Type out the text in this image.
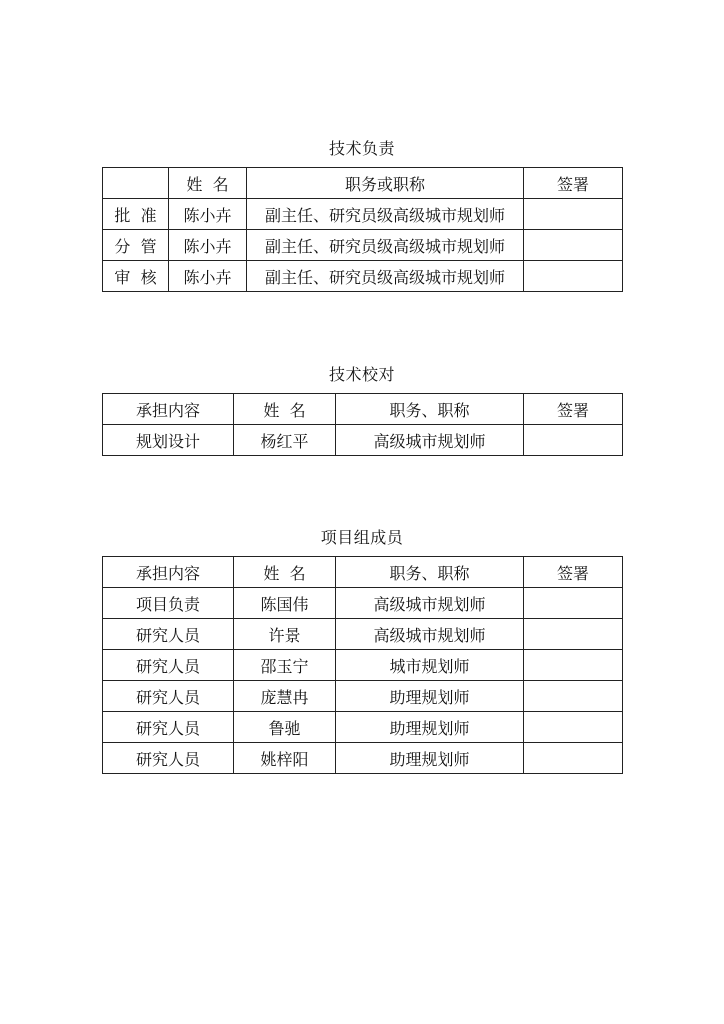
技术负责
	姓  名	职务或职称	签署
批  准	陈小卉	副主任、研究员级高级城市规划师	
分  管	陈小卉	副主任、研究员级高级城市规划师	
审  核	陈小卉	副主任、研究员级高级城市规划师	
技术校对
承担内容	姓  名	职务、职称	签署
规划设计	杨红平	高级城市规划师	
项目组成员
承担内容	姓  名	职务、职称	签署
项目负责	陈国伟	高级城市规划师	
研究人员	许景	高级城市规划师	
研究人员	邵玉宁	城市规划师	
研究人员	庞慧冉	助理规划师	
研究人员	鲁驰	助理规划师	
研究人员	姚梓阳	助理规划师	
